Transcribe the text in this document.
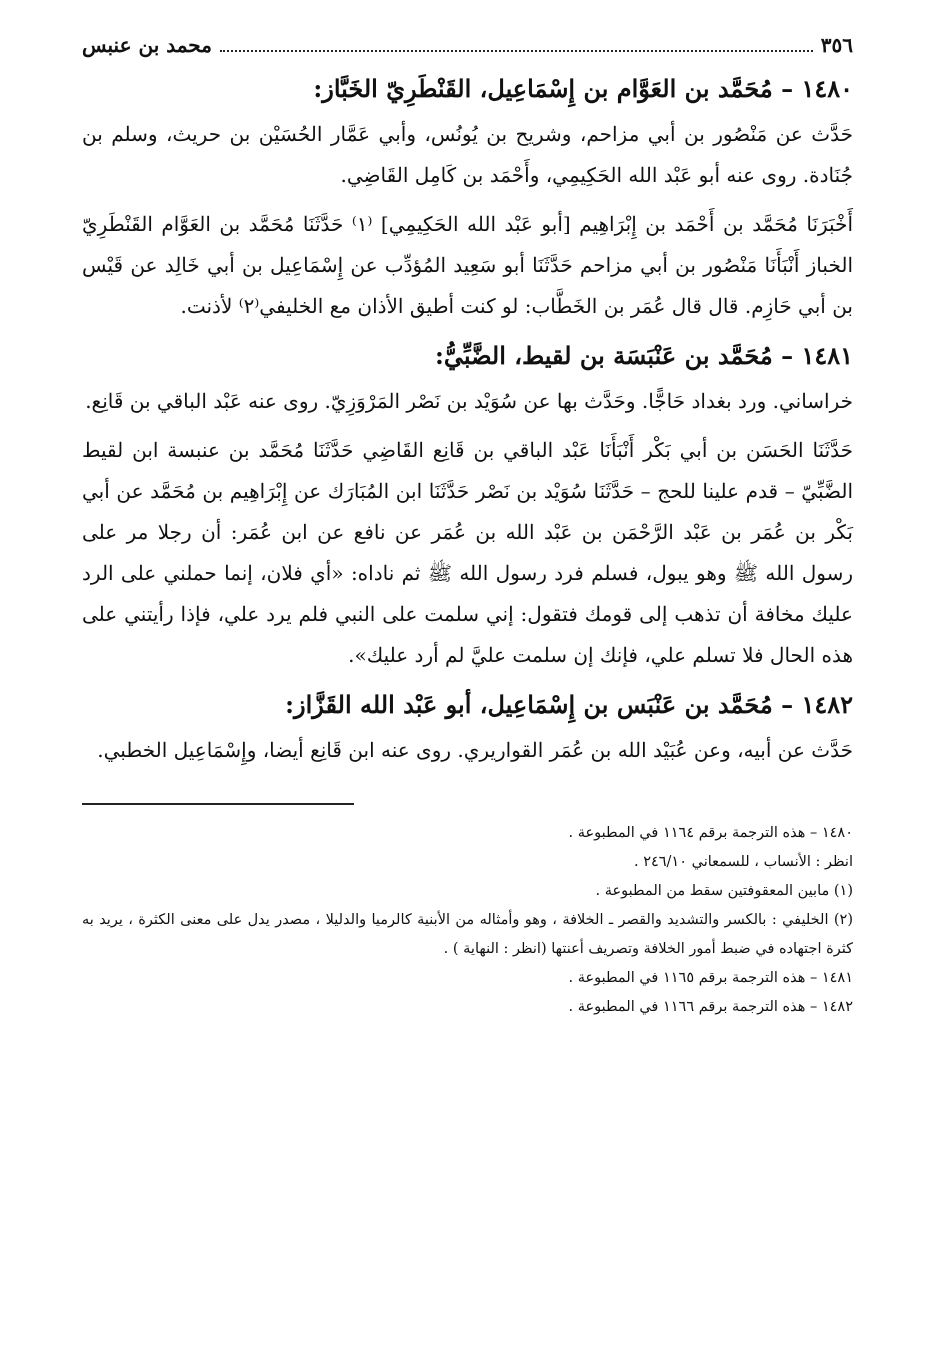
٣٥٦
محمد بن عنبس
١٤٨٠ – مُحَمَّد بن العَوَّام بن إِسْمَاعِيل، القَنْطَرِيّ الخَبَّاز:

حَدَّث عن مَنْصُور بن أبي مزاحم، وشريح بن يُونُس، وأبي عَمَّار الحُسَيْن بن حريث، وسلم بن جُنَادة. روى عنه أبو عَبْد الله الحَكِيمِي، وأَحْمَد بن كَامِل القَاضِي.

أَخْبَرَنَا مُحَمَّد بن أَحْمَد بن إِبْرَاهِيم [أبو عَبْد الله الحَكِيمِي] ⁽١⁾ حَدَّثَنَا مُحَمَّد بن العَوَّام القَنْطَرِيّ الخباز أَنْبَأَنَا مَنْصُور بن أبي مزاحم حَدَّثَنَا أبو سَعِيد المُؤدِّب عن إِسْمَاعِيل بن أبي خَالِد عن قَيْس بن أبي حَازِم. قال قال عُمَر بن الخَطَّاب: لو كنت أطيق الأذان مع الخليفي⁽٢⁾ لأذنت.

١٤٨١ – مُحَمَّد بن عَنْبَسَة بن لقيط، الضَّبِّيُّ:

خراساني. ورد بغداد حَاجًّا. وحَدَّث بها عن سُوَيْد بن نَصْر المَرْوَزِيّ. روى عنه عَبْد الباقي بن قَانِع.

حَدَّثَنَا الحَسَن بن أبي بَكْر أَنْبَأَنَا عَبْد الباقي بن قَانِع القَاضِي حَدَّثَنَا مُحَمَّد بن عنبسة ابن لقيط الضَّبِّيّ – قدم علينا للحج – حَدَّثَنَا سُوَيْد بن نَصْر حَدَّثَنَا ابن المُبَارَك عن إِبْرَاهِيم بن مُحَمَّد عن أبي بَكْر بن عُمَر بن عَبْد الرَّحْمَن بن عَبْد الله بن عُمَر عن نافع عن ابن عُمَر: أن رجلا مر على رسول الله ﷺ وهو يبول، فسلم فرد رسول الله ﷺ ثم ناداه: «أي فلان، إنما حملني على الرد عليك مخافة أن تذهب إلى قومك فتقول: إني سلمت على النبي فلم يرد علي، فإذا رأيتني على هذه الحال فلا تسلم علي، فإنك إن سلمت عليَّ لم أرد عليك».

١٤٨٢ – مُحَمَّد بن عَنْبَس بن إِسْمَاعِيل، أبو عَبْد الله القَزَّاز:

حَدَّث عن أبيه، وعن عُبَيْد الله بن عُمَر القواريري. روى عنه ابن قَانِع أيضا، وإِسْمَاعِيل الخطبي.

١٤٨٠ – هذه الترجمة برقم ١١٦٤ في المطبوعة .

انظر : الأنساب ، للسمعاني ٢٤٦/١٠ .

(١) مابين المعقوفتين سقط من المطبوعة .

(٢) الخليفي : بالكسر والتشديد والقصر ـ الخلافة ، وهو وأمثاله من الأبنية كالرميا والدليلا ، مصدر يدل على معنى الكثرة ، يريد به كثرة اجتهاده في ضبط أمور الخلافة وتصريف أعنتها (انظر : النهاية ) .

١٤٨١ – هذه الترجمة برقم ١١٦٥ في المطبوعة .

١٤٨٢ – هذه الترجمة برقم ١١٦٦ في المطبوعة .
